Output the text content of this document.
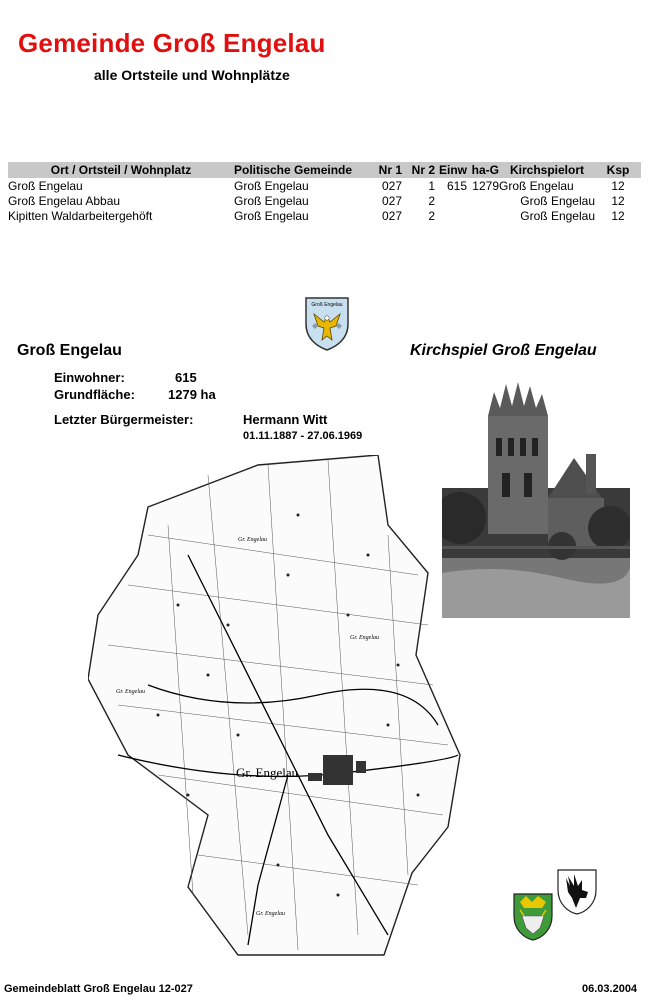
Gemeinde Groß Engelau
alle Ortsteile und Wohnplätze
Ort / Ortsteil / Wohnplatz	Politische Gemeinde	Nr 1	Nr 2	Einw	ha-G	Kirchspielort	Ksp
Groß Engelau	Groß Engelau	027	1	615	1279	Groß Engelau	12
Groß Engelau Abbau	Groß Engelau	027	2			Groß Engelau	12
Kipitten Waldarbeitergehöft	Groß Engelau	027	2			Groß Engelau	12
Groß Engelau
Groß Engelau	Kirchspiel Groß Engelau
Einwohner:	615
Grundfläche:	1279 ha
Letzter Bürgermeister:	Hermann Witt
01.11.1887 - 27.06.1969
Gr. Engelau
Gr. Engelau
Gr. Engelau
Gr. Engelau
Gr. Engelau
Gemeindeblatt Groß Engelau 12-027	06.03.2004
